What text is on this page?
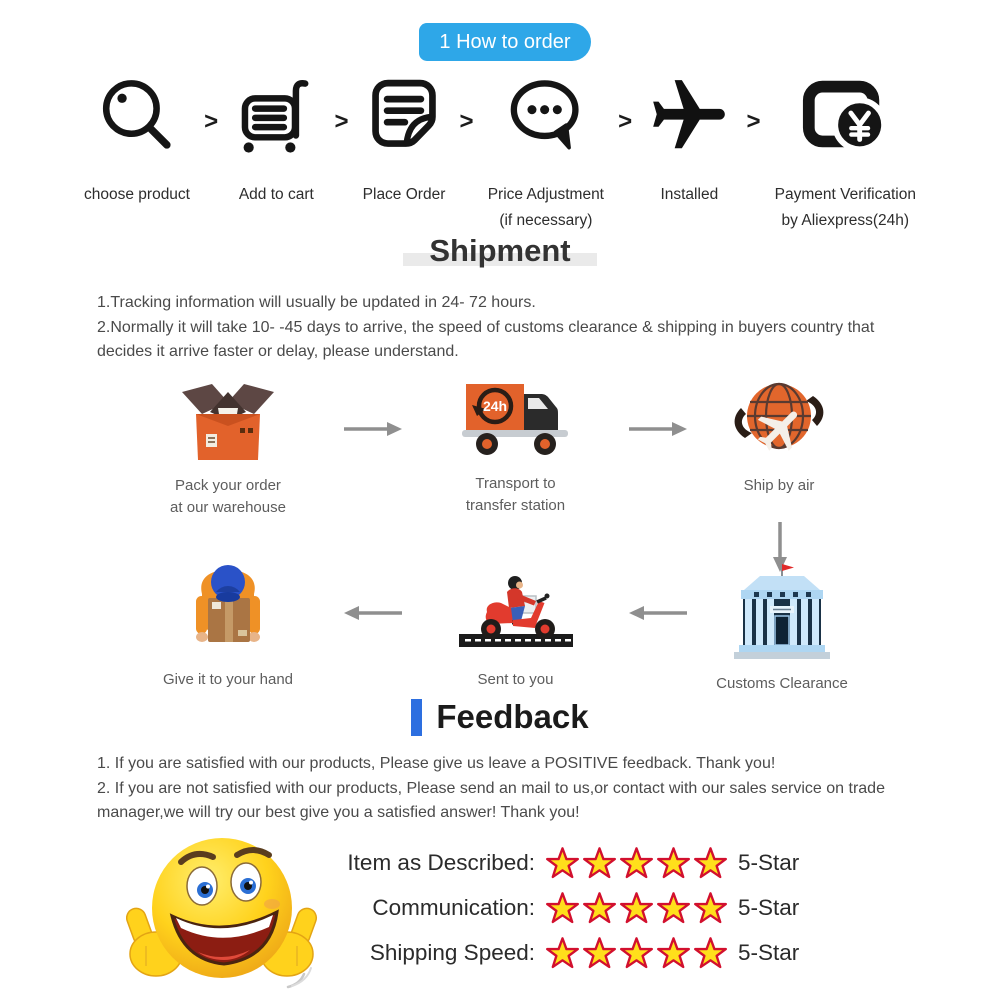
1 How to order
choose product
>
Add to cart
>
Place Order
>
Price Adjustment
(if necessary)
>
Installed
>
Payment Verification
by Aliexpress(24h)
Shipment

1.Tracking information will usually be updated in 24- 72 hours.

2.Normally it will take 10- -45 days to arrive, the speed of customs clearance & shipping in buyers country that decides it arrive faster or delay, please understand.

Pack your order
at our warehouse
24h
Transport to
transfer station
Ship by air
Customs Clearance
Sent to you
Give it to your hand
Feedback

1. If you are satisfied with our products, Please give us leave a POSITIVE feedback. Thank you!

2. If you are not satisfied with our products, Please send an mail to us,or contact with our sales service on trade manager,we will try our best give you a satisfied answer! Thank you!

Item as Described:	5-Star
Communication:	5-Star
Shipping Speed:	5-Star
